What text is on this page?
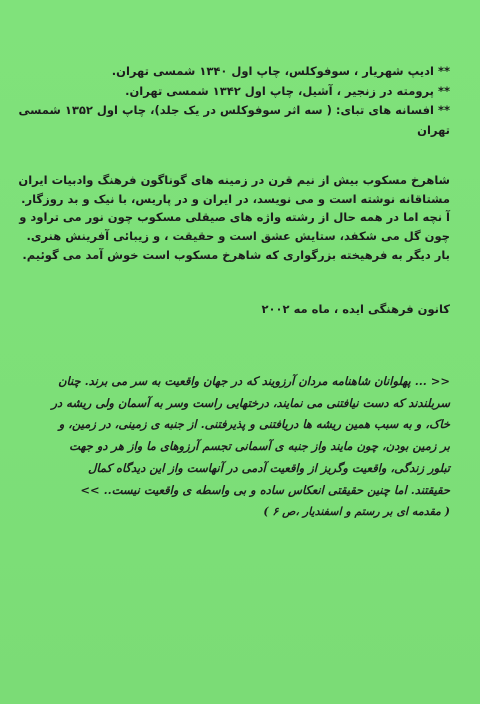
** ادیپ شهریار ، سوفوکلس، چاپ اول ۱۳۴۰ شمسی تهران.
** پرومته در زنجیر ، آشیل، چاپ اول ۱۳۴۲ شمسی تهران.
** افسانه های تبای: ( سه اثر سوفوکلس در یک جلد)، چاپ اول ۱۳۵۲ شمسی
تهران
شاهرخ مسکوب بیش از نیم قرن در زمینه های گوناگون فرهنگ وادبیات ایران
مشتاقانه نوشته است و می نویسد، در ایران و در پاریس، با نیک و بد روزگار.
آ نچه اما در همه حال از رشته واژه های صیقلی مسکوب چون نور می تراود و
چون گل می شکفد، ستایش عشق است و حقیقت ، و زیبائی آفرینش هنری.
بار دیگر به فرهیخته بزرگواری که شاهرخ مسکوب است خوش آمد می گوئیم.
کانون فرهنگی ایده ، ماه مه ۲۰۰۲
<< ... پهلوانان شاهنامه مردان آرزویند که در جهان واقعیت به سر می برند. چنان
سربلندند که دست نیافتنی می نمایند، درختهایی راست وسر به آسمان ولی ریشه در
خاک، و به سبب همین ریشه ها دریافتنی و پذیرفتنی. از جنبه ی زمینی، در زمین، و
بر زمین بودن، چون مایند واز جنبه ی آسمانی تجسم آرزوهای ما واز هر دو جهت
تبلور زندگی، واقعیت وگریز از واقعیت آدمی در آنهاست واز این دیدگاه کمال
حقیقتند. اما چنین حقیقتی انعکاس ساده و بی واسطه ی واقعیت نیست.. >>
( مقدمه ای بر رستم و اسفندیار ،ص ۶ )
